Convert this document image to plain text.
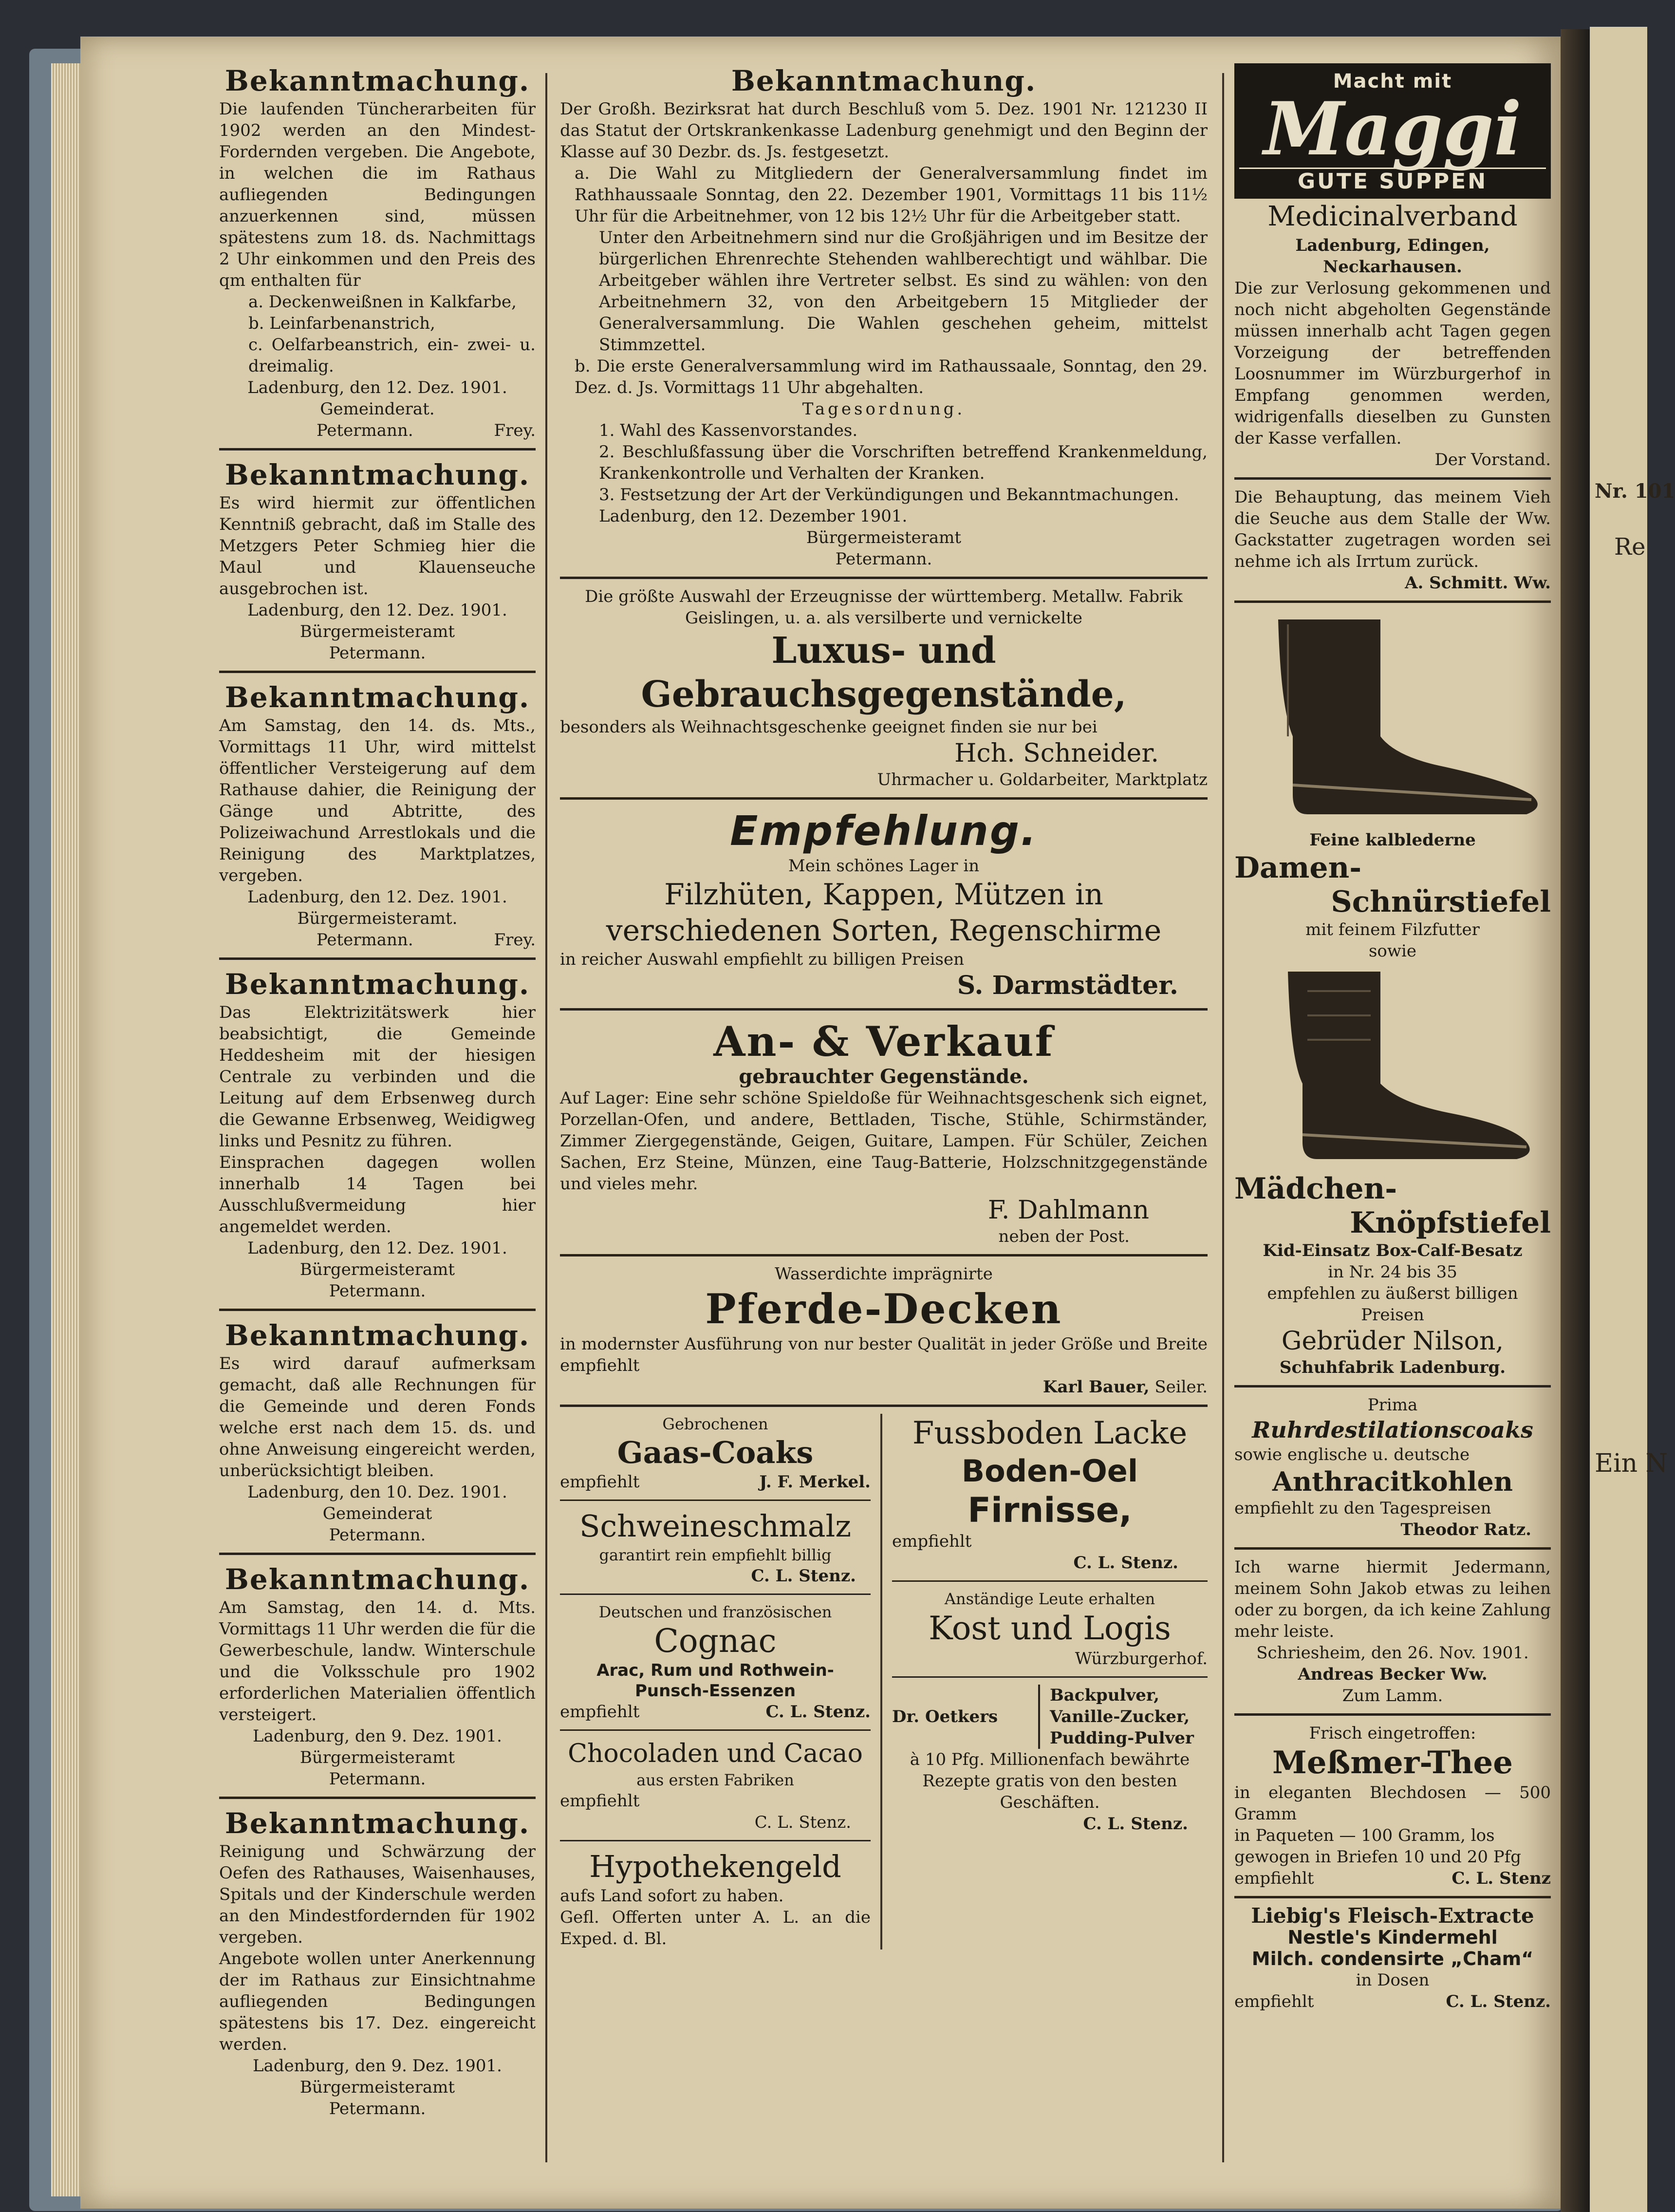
Bekanntmachung.

Die laufenden Tüncherarbeiten für 1902 werden an den Mindest-Fordernden vergeben. Die Angebote, in welchen die im Rathaus aufliegenden Bedingungen anzuerkennen sind, müssen spätestens zum 18. ds. Nachmittags 2 Uhr einkommen und den Preis des qm enthalten für

a. Deckenweißnen in Kalkfarbe,
b. Leinfarbenanstrich,
c. Oelfarbeanstrich, ein- zwei- u. dreimalig.
Ladenburg, den 12. Dez. 1901.
Gemeinderat.
Petermann.	Frey.
Bekanntmachung.

Es wird hiermit zur öffentlichen Kenntniß gebracht, daß im Stalle des Metzgers Peter Schmieg hier die Maul und Klauenseuche ausgebrochen ist.

Ladenburg, den 12. Dez. 1901.
Bürgermeisteramt
Petermann.
Bekanntmachung.

Am Samstag, den 14. ds. Mts., Vormittags 11 Uhr, wird mittelst öffentlicher Versteigerung auf dem Rathause dahier, die Reinigung der Gänge und Abtritte, des Polizeiwachund Arrestlokals und die Reinigung des Marktplatzes, vergeben.

Ladenburg, den 12. Dez. 1901.
Bürgermeisteramt.
Petermann.	Frey.
Bekanntmachung.

Das Elektrizitätswerk hier beabsichtigt, die Gemeinde Heddesheim mit der hiesigen Centrale zu verbinden und die Leitung auf dem Erbsenweg durch die Gewanne Erbsenweg, Weidigweg links und Pesnitz zu führen.

Einsprachen dagegen wollen innerhalb 14 Tagen bei Ausschlußvermeidung hier angemeldet werden.

Ladenburg, den 12. Dez. 1901.
Bürgermeisteramt
Petermann.
Bekanntmachung.

Es wird darauf aufmerksam gemacht, daß alle Rechnungen für die Gemeinde und deren Fonds welche erst nach dem 15. ds. und ohne Anweisung eingereicht werden, unberücksichtigt bleiben.

Ladenburg, den 10. Dez. 1901.
Gemeinderat
Petermann.
Bekanntmachung.

Am Samstag, den 14. d. Mts. Vormittags 11 Uhr werden die für die Gewerbeschule, landw. Winterschule und die Volksschule pro 1902 erforderlichen Materialien öffentlich versteigert.

Ladenburg, den 9. Dez. 1901.
Bürgermeisteramt
Petermann.
Bekanntmachung.

Reinigung und Schwärzung der Oefen des Rathauses, Waisenhauses, Spitals und der Kinderschule werden an den Mindestfordernden für 1902 vergeben.

Angebote wollen unter Anerkennung der im Rathaus zur Einsichtnahme aufliegenden Bedingungen spätestens bis 17. Dez. eingereicht werden.

Ladenburg, den 9. Dez. 1901.
Bürgermeisteramt
Petermann.
Bekanntmachung.

Der Großh. Bezirksrat hat durch Beschluß vom 5. Dez. 1901 Nr. 121230 II das Statut der Ortskrankenkasse Ladenburg genehmigt und den Beginn der Klasse auf 30 Dezbr. ds. Js. festgesetzt.

a. Die Wahl zu Mitgliedern der Generalversammlung findet im Rathhaussaale Sonntag, den 22. Dezember 1901, Vormittags 11 bis 11½ Uhr für die Arbeitnehmer, von 12 bis 12½ Uhr für die Arbeitgeber statt.

Unter den Arbeitnehmern sind nur die Großjährigen und im Besitze der bürgerlichen Ehrenrechte Stehenden wahlberechtigt und wählbar. Die Arbeitgeber wählen ihre Vertreter selbst. Es sind zu wählen: von den Arbeitnehmern 32, von den Arbeitgebern 15 Mitglieder der Generalversammlung. Die Wahlen geschehen geheim, mittelst Stimmzettel.

b. Die erste Generalversammlung wird im Rathaussaale, Sonntag, den 29. Dez. d. Js. Vormittags 11 Uhr abgehalten.

Tagesordnung.
1. Wahl des Kassenvorstandes.
2. Beschlußfassung über die Vorschriften betreffend Krankenmeldung, Krankenkontrolle und Verhalten der Kranken.
3. Festsetzung der Art der Verkündigungen und Bekanntmachungen.
Ladenburg, den 12. Dezember 1901.
Bürgermeisteramt
Petermann.

Die größte Auswahl der Erzeugnisse der württemberg. Metallw. Fabrik Geislingen, u. a. als versilberte und vernickelte

Luxus- und Gebrauchsgegenstände,

besonders als Weihnachtsgeschenke geeignet finden sie nur bei

Hch. Schneider.
Uhrmacher u. Goldarbeiter, Marktplatz
Empfehlung.

Mein schönes Lager in

Filzhüten, Kappen, Mützen in verschiedenen Sorten, Regenschirme

in reicher Auswahl empfiehlt zu billigen Preisen

S. Darmstädter.
An- & Verkauf
gebrauchter Gegenstände.

Auf Lager: Eine sehr schöne Spieldoße für Weihnachtsgeschenk sich eignet, Porzellan-Ofen, und andere, Bettladen, Tische, Stühle, Schirmständer, Zimmer Ziergegenstände, Geigen, Guitare, Lampen. Für Schüler, Zeichen Sachen, Erz Steine, Münzen, eine Taug-Batterie, Holzschnitzgegenstände und vieles mehr.

F. Dahlmann
neben der Post.

Wasserdichte imprägnirte

Pferde-Decken

in modernster Ausführung von nur bester Qualität in jeder Größe und Breite empfiehlt

Karl Bauer, Seiler.
Gebrochenen
Gaas-Coaks
empfiehlt	J. F. Merkel.
Schweineschmalz
garantirt rein empfiehlt billig
C. L. Stenz.
Deutschen und französischen
Cognac
Arac, Rum und Rothwein-Punsch-Essenzen
empfiehlt	C. L. Stenz.
Chocoladen und Cacao
aus ersten Fabriken
empfiehlt
C. L. Stenz.
Hypothekengeld
aufs Land sofort zu haben.

Gefl. Offerten unter A. L. an die Exped. d. Bl.

Fussboden Lacke
Boden-Oel
Firnisse,
empfiehlt
C. L. Stenz.
Anständige Leute erhalten
Kost und Logis
Würzburgerhof.
Dr. Oetkers
Backpulver,
Vanille-Zucker,
Pudding-Pulver

à 10 Pfg. Millionenfach bewährte Rezepte gratis von den besten Geschäften.

C. L. Stenz.
Macht mit
Maggi
GUTE SUPPEN
Medicinalverband
Ladenburg, Edingen, Neckarhausen.

Die zur Verlosung gekommenen und noch nicht abgeholten Gegenstände müssen innerhalb acht Tagen gegen Vorzeigung der betreffenden Loosnummer im Würzburgerhof in Empfang genommen werden, widrigenfalls dieselben zu Gunsten der Kasse verfallen.

Der Vorstand.

Die Behauptung, das meinem Vieh die Seuche aus dem Stalle der Ww. Gackstatter zugetragen worden sei nehme ich als Irrtum zurück.

A. Schmitt. Ww.
Feine kalblederne
Damen-
Schnürstiefel
mit feinem Filzfutter
sowie
Mädchen-
Knöpfstiefel
Kid-Einsatz Box-Calf-Besatz
in Nr. 24 bis 35
empfehlen zu äußerst billigen Preisen
Gebrüder Nilson,
Schuhfabrik Ladenburg.
Prima
Ruhrdestilationscoaks
sowie englische u. deutsche
Anthracitkohlen
empfiehlt zu den Tagespreisen
Theodor Ratz.

Ich warne hiermit Jedermann, meinem Sohn Jakob etwas zu leihen oder zu borgen, da ich keine Zahlung mehr leiste.

Schriesheim, den 26. Nov. 1901.
Andreas Becker Ww.
Zum Lamm.
Frisch eingetroffen:
Meßmer-Thee
in eleganten Blechdosen — 500 Gramm
in Paqueten — 100 Gramm, los
gewogen in Briefen 10 und 20 Pfg
empfiehlt	C. L. Stenz
Liebig's Fleisch-Extracte
Nestle's Kindermehl
Milch. condensirte „Cham“
in Dosen
empfiehlt	C. L. Stenz.
Nr. 101
Re
Ein N
